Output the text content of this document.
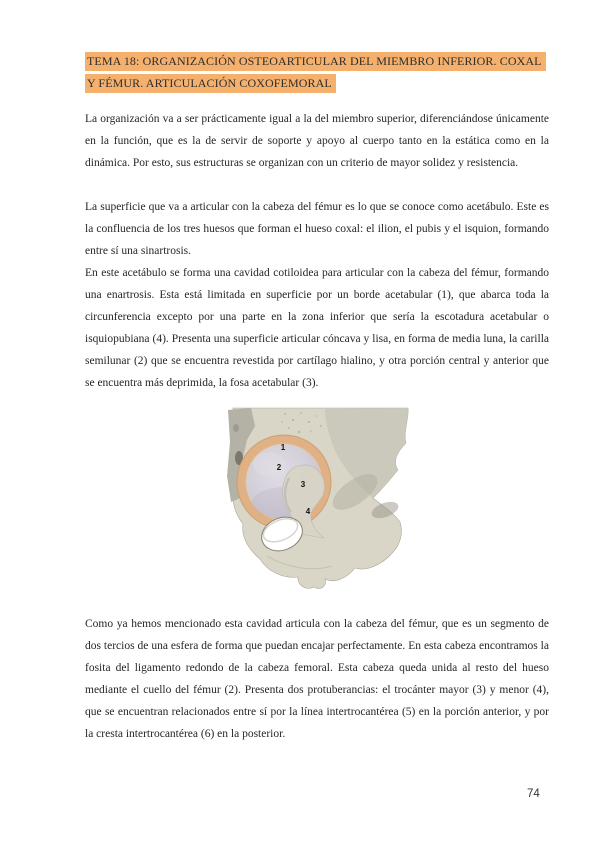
TEMA 18: ORGANIZACIÓN OSTEOARTICULAR DEL MIEMBRO INFERIOR. COXAL
Y FÉMUR. ARTICULACIÓN COXOFEMORAL

La organización va a ser prácticamente igual a la del miembro superior, diferenciándose únicamente en la función, que es la de servir de soporte y apoyo al cuerpo tanto en la estática como en la dinámica. Por esto, sus estructuras se organizan con un criterio de mayor solidez y resistencia.

La superficie que va a articular con la cabeza del fémur es lo que se conoce como acetábulo. Este es la confluencia de los tres huesos que forman el hueso coxal: el ilion, el pubis y el isquion, formando entre sí una sinartrosis.

En este acetábulo se forma una cavidad cotiloidea para articular con la cabeza del fémur, formando una enartrosis. Esta está limitada en superficie por un borde acetabular (1), que abarca toda la circunferencia excepto por una parte en la zona inferior que sería la escotadura acetabular o isquiopubiana (4). Presenta una superficie articular cóncava y lisa, en forma de media luna, la carilla semilunar (2) que se encuentra revestida por cartílago hialino, y otra porción central y anterior que se encuentra más deprimida, la fosa acetabular (3).

1
2
3
4

Como ya hemos mencionado esta cavidad articula con la cabeza del fémur, que es un segmento de dos tercios de una esfera de forma que puedan encajar perfectamente. En esta cabeza encontramos la fosita del ligamento redondo de la cabeza femoral. Esta cabeza queda unida al resto del hueso mediante el cuello del fémur (2). Presenta dos protuberancias: el trocánter mayor (3) y menor (4), que se encuentran relacionados entre sí por la línea intertrocantérea (5) en la porción anterior, y por la cresta intertrocantérea (6) en la posterior.

74
